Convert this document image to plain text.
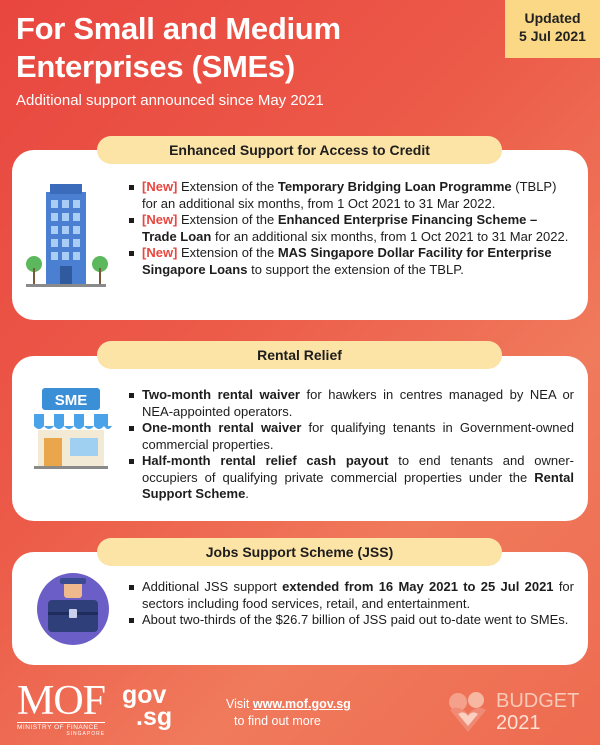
For Small and Medium Enterprises (SMEs)
Additional support announced since May 2021
Updated
5 Jul 2021
Enhanced Support for Access to Credit
[New] Extension of the Temporary Bridging Loan Programme (TBLP) for an additional six months, from 1 Oct 2021 to 31 Mar 2022.
[New] Extension of the Enhanced Enterprise Financing Scheme – Trade Loan for an additional six months, from 1 Oct 2021 to 31 Mar 2022.
[New] Extension of the MAS Singapore Dollar Facility for Enterprise Singapore Loans to support the extension of the TBLP.
Rental Relief
SME	Two-month rental waiver for hawkers in centres managed by NEA or NEA-appointed operators.
One-month rental waiver for qualifying tenants in Government-owned commercial properties.
Half-month rental relief cash payout to end tenants and owner-occupiers of qualifying private commercial properties under the Rental Support Scheme.
Jobs Support Scheme (JSS)
Additional JSS support extended from 16 May 2021 to 25 Jul 2021 for sectors including food services, retail, and entertainment.
About two-thirds of the $26.7 billion of JSS paid out to-date went to SMEs.
MOF
MINISTRY OF FINANCE
SINGAPORE
gov
.sg	Visit www.mof.gov.sg
to find out more
BUDGET
2021
